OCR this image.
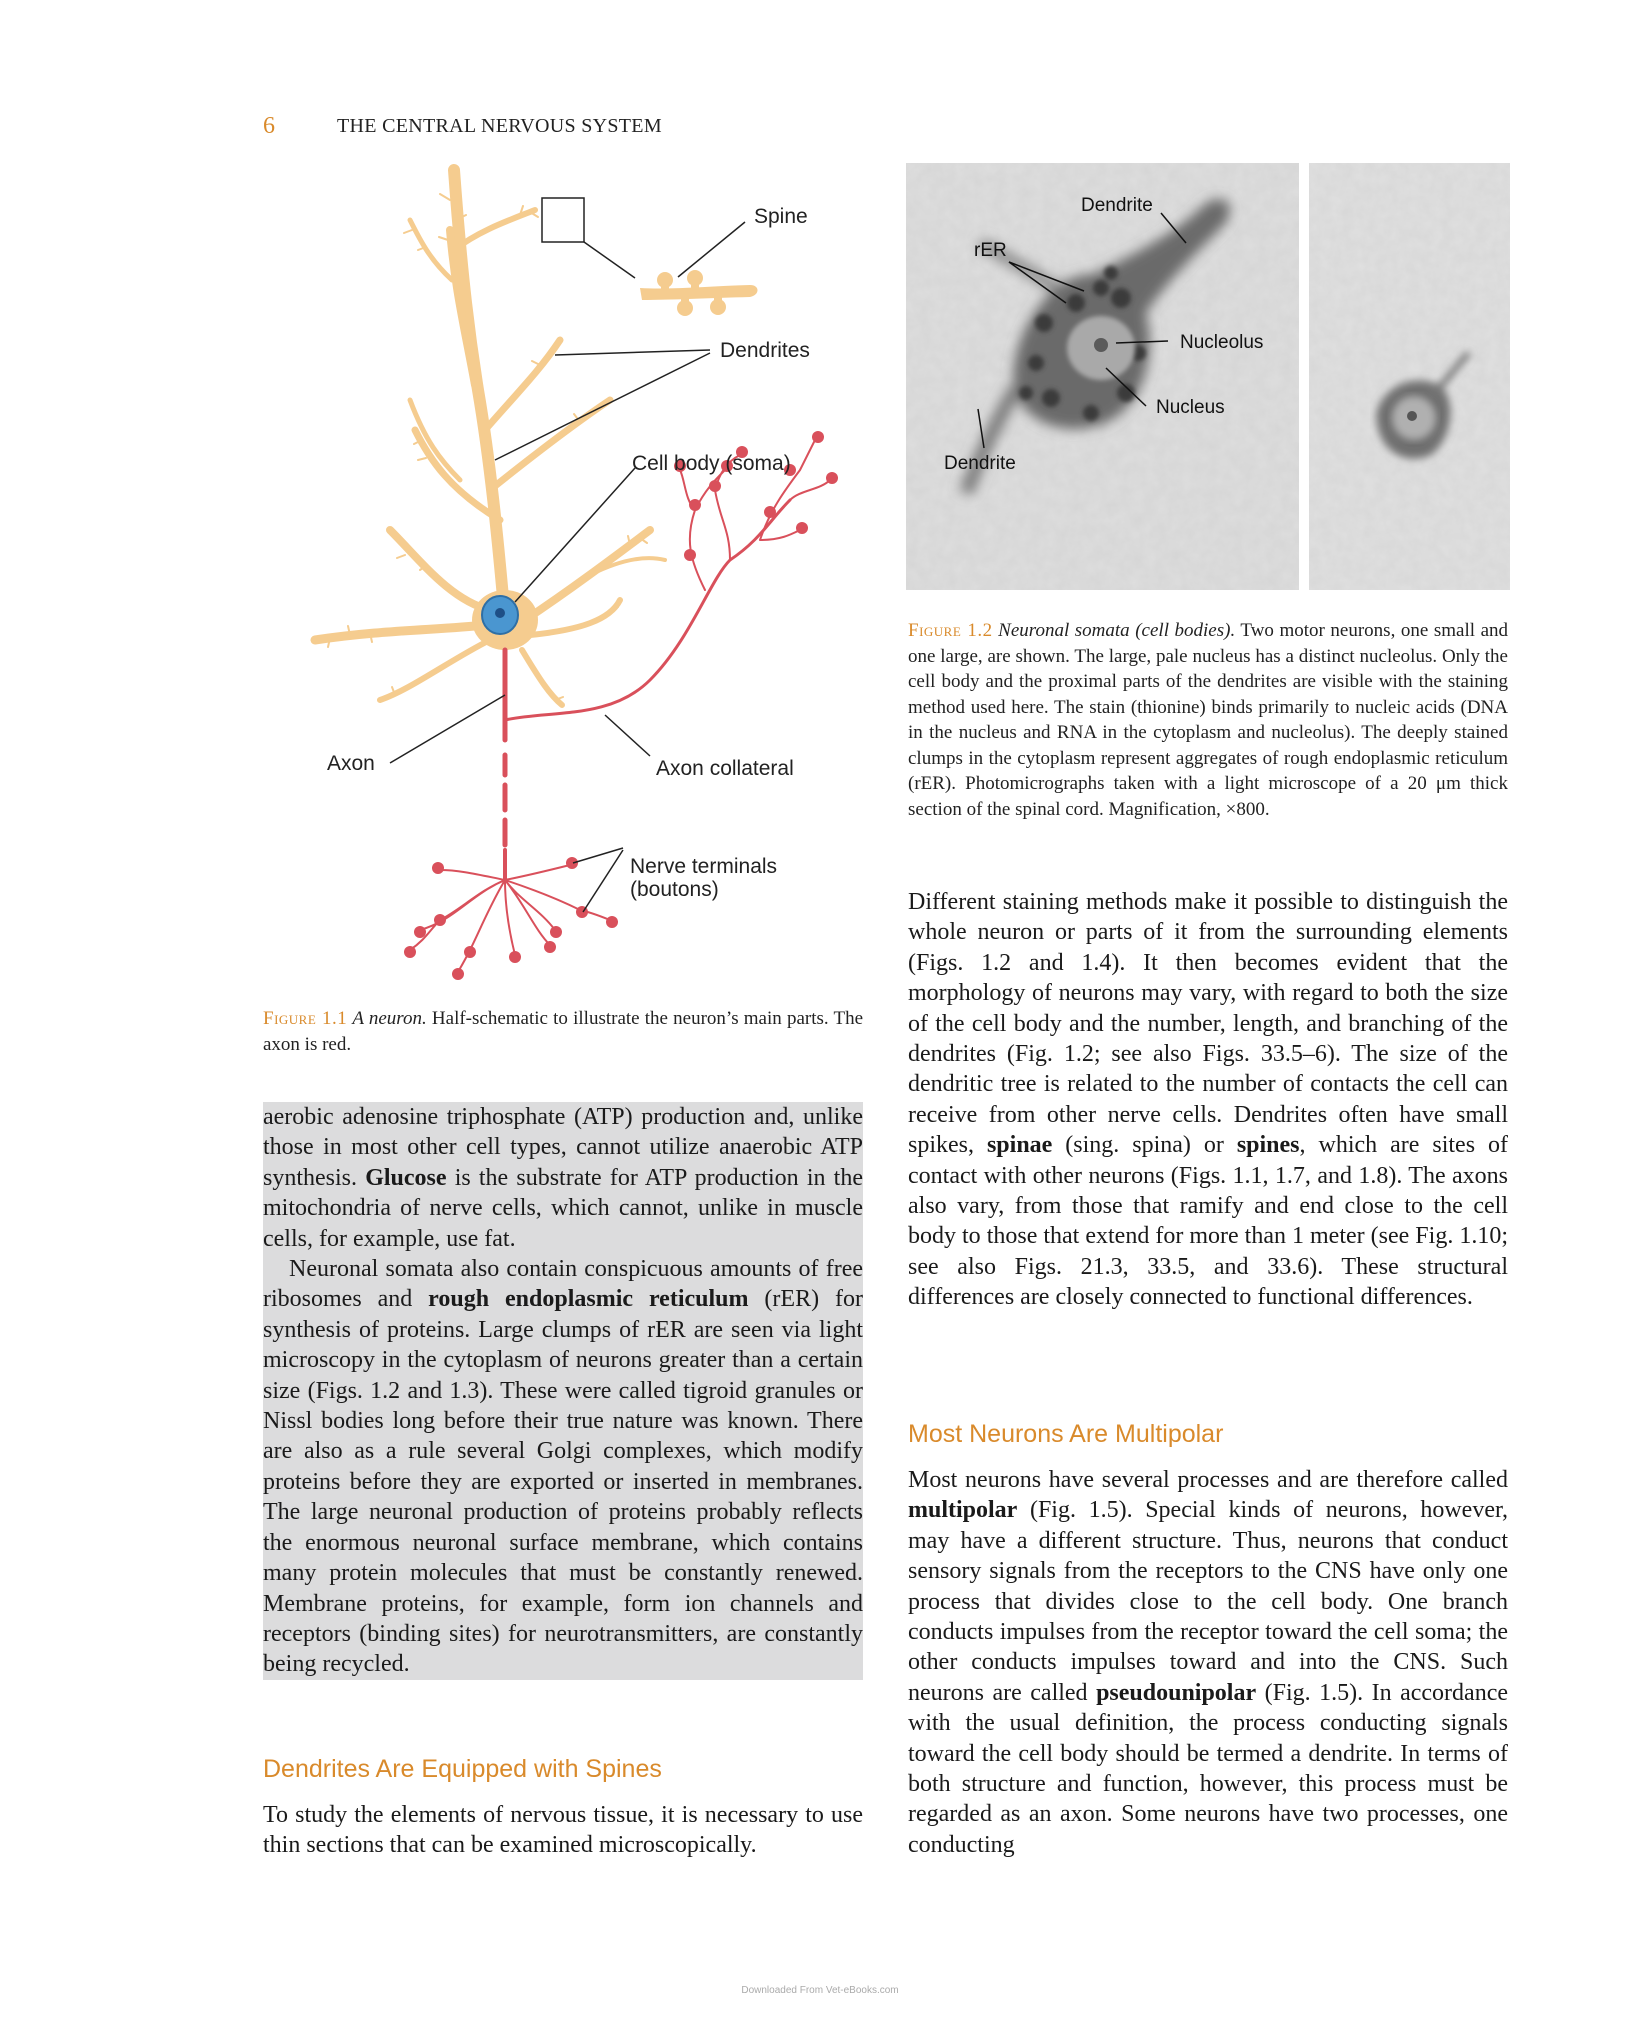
6	THE CENTRAL NERVOUS SYSTEM
Spine
Dendrites
Cell body (soma)
Axon	Axon collateral
Nerve terminals
(boutons)
Dendrite
rER
Nucleolus
Nucleus
Dendrite
Figure 1.1 A neuron. Half-schematic to illustrate the neuron’s main parts. The axon is red.
Figure 1.2 Neuronal somata (cell bodies). Two motor neurons, one small and one large, are shown. The large, pale nucleus has a distinct nucleolus. Only the cell body and the proximal parts of the dendrites are visible with the staining method used here. The stain (thionine) binds primarily to nucleic acids (DNA in the nucleus and RNA in the cytoplasm and nucleolus). The deeply stained clumps in the cytoplasm represent aggregates of rough endoplasmic reticulum (rER). Photomicrographs taken with a light microscope of a 20 μm thick section of the spinal cord. Magnification, ×800.

aerobic adenosine triphosphate (ATP) production and, unlike those in most other cell types, cannot utilize anaerobic ATP synthesis. Glucose is the substrate for ATP production in the mitochondria of nerve cells, which cannot, unlike in muscle cells, for example, use fat.

Neuronal somata also contain conspicuous amounts of free ribosomes and rough endoplasmic reticulum (rER) for synthesis of proteins. Large clumps of rER are seen via light microscopy in the cytoplasm of neurons greater than a certain size (Figs. 1.2 and 1.3). These were called tigroid granules or Nissl bodies long before their true nature was known. There are also as a rule several Golgi complexes, which modify proteins before they are exported or inserted in membranes. The large neuronal production of proteins probably reflects the enormous neuronal surface membrane, which contains many protein molecules that must be constantly renewed. Membrane proteins, for example, form ion channels and receptors (binding sites) for neurotransmitters, are constantly being recycled.

Dendrites Are Equipped with Spines

To study the elements of nervous tissue, it is necessary to use thin sections that can be examined microscopically.

Different staining methods make it possible to distinguish the whole neuron or parts of it from the surrounding elements (Figs. 1.2 and 1.4). It then becomes evident that the morphology of neurons may vary, with regard to both the size of the cell body and the number, length, and branching of the dendrites (Fig. 1.2; see also Figs. 33.5–6). The size of the dendritic tree is related to the number of contacts the cell can receive from other nerve cells. Dendrites often have small spikes, spinae (sing. spina) or spines, which are sites of contact with other neurons (Figs. 1.1, 1.7, and 1.8). The axons also vary, from those that ramify and end close to the cell body to those that extend for more than 1 meter (see Fig. 1.10; see also Figs. 21.3, 33.5, and 33.6). These structural differences are closely connected to functional differences.

Most Neurons Are Multipolar

Most neurons have several processes and are therefore called multipolar (Fig. 1.5). Special kinds of neurons, however, may have a different structure. Thus, neurons that conduct sensory signals from the receptors to the CNS have only one process that divides close to the cell body. One branch conducts impulses from the receptor toward the cell soma; the other conducts impulses toward and into the CNS. Such neurons are called pseudounipolar (Fig. 1.5). In accordance with the usual definition, the process conducting signals toward the cell body should be termed a dendrite. In terms of both structure and function, however, this process must be regarded as an axon. Some neurons have two processes, one conducting

Downloaded From Vet-eBooks.com
